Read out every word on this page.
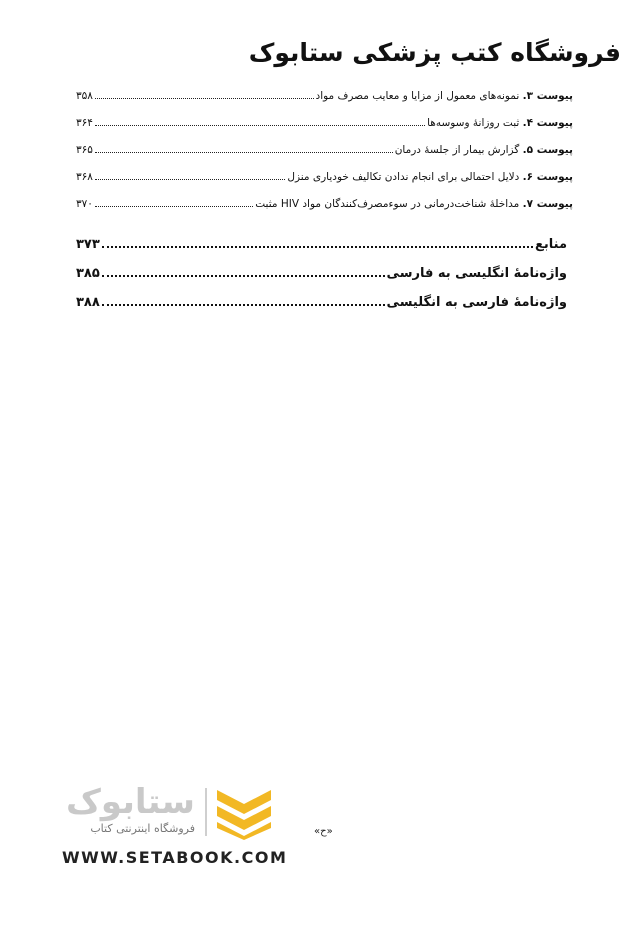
فروشگاه کتب پزشکی ستابوک
پیوست ۳. نمونه‌های معمول از مزایا و معایب مصرف مواد
۳۵۸
پیوست ۴. ثبت روزانهٔ وسوسه‌ها
۳۶۴
پیوست ۵. گزارش بیمار از جلسهٔ درمان
۳۶۵
پیوست ۶. دلایل احتمالی برای انجام ندادن تکالیف خودیاری منزل
۳۶۸
پیوست ۷. مداخلهٔ شناخت‌درمانی در سوءمصرف‌کنندگان مواد HIV مثبت
۳۷۰
منابع
۳۷۳
واژه‌نامهٔ انگلیسی به فارسی
۳۸۵
واژه‌نامهٔ فارسی به انگلیسی
۳۸۸
«ح»
ستابوک
فروشگاه اینترنتی کتاب
WWW.SETABOOK.COM
